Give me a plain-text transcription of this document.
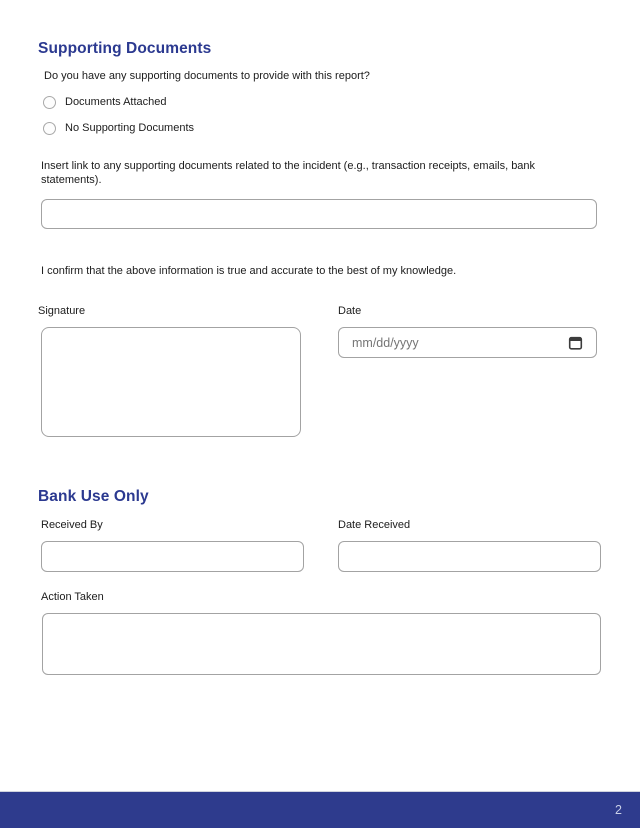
Supporting Documents

Do you have any supporting documents to provide with this report?

Documents Attached
No Supporting Documents

Insert link to any supporting documents related to the incident (e.g., transaction receipts, emails, bank statements).

I confirm that the above information is true and accurate to the best of my knowledge.

Signature	Date
mm/dd/yyyy
Bank Use Only
Received By	Date Received
Action Taken
2
